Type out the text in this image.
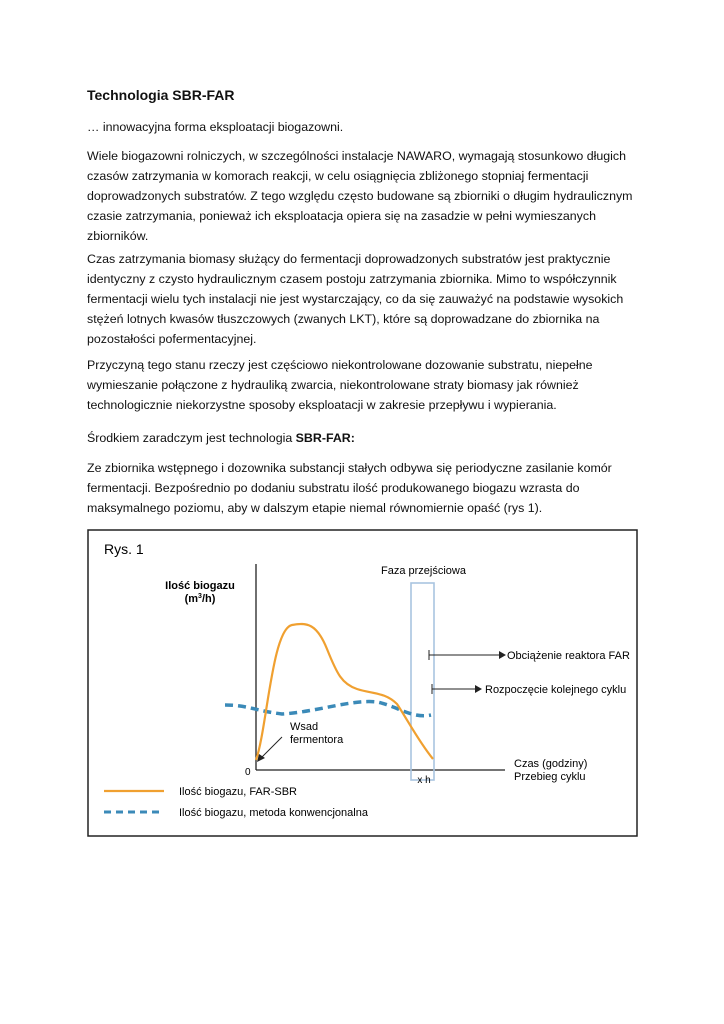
Technologia SBR-FAR

… innowacyjna forma eksploatacji biogazowni.

Wiele biogazowni rolniczych, w szczególności instalacje NAWARO, wymagają stosunkowo długich czasów zatrzymania w komorach reakcji, w celu osiągnięcia zbliżonego stopniaj fermentacji doprowadzonych substratów. Z tego względu często budowane są zbiorniki o długim hydraulicznym czasie zatrzymania, ponieważ ich eksploatacja opiera się na zasadzie w pełni wymieszanych zbiorników.

Czas zatrzymania biomasy służący do fermentacji doprowadzonych substratów jest praktycznie identyczny z czysto hydraulicznym czasem postoju zatrzymania zbiornika. Mimo to współczynnik fermentacji wielu tych instalacji nie jest wystarczający, co da się zauważyć na podstawie wysokich stężeń lotnych kwasów tłuszczowych (zwanych LKT), które są doprowadzane do zbiornika na pozostałości pofermentacyjnej.

Przyczyną tego stanu rzeczy jest częściowo niekontrolowane dozowanie substratu, niepełne wymieszanie połączone z hydrauliką zwarcia, niekontrolowane straty biomasy jak również technologicznie niekorzystne sposoby eksploatacji w zakresie przepływu i wypierania.

Środkiem zaradczym jest technologia SBR-FAR:

Ze zbiornika wstępnego i dozownika substancji stałych odbywa się periodyczne zasilanie komór fermentacji. Bezpośrednio po dodaniu substratu ilość produkowanego biogazu wzrasta do maksymalnego poziomu, aby w dalszym etapie niemal równomiernie opaść (rys 1).

Rys. 1
Ilość biogazu
$(m^3/h)$
0
Faza przejściowa
x h
Czas (godziny)
Przebieg cyklu
Obciążenie reaktora FAR
Rozpoczęcie kolejnego cyklu
Wsad
fermentora
Ilość biogazu, FAR-SBR
Ilość biogazu, metoda konwencjonalna
